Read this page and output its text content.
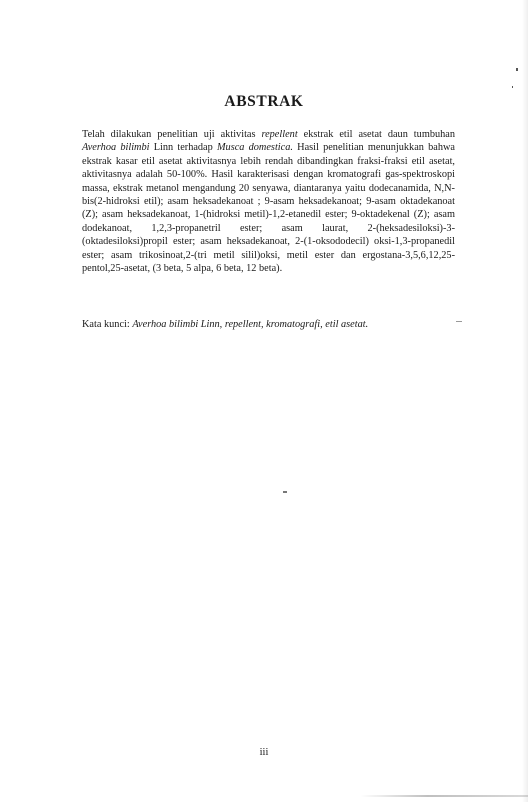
ABSTRAK

Telah dilakukan penelitian uji aktivitas repellent ekstrak etil asetat daun tumbuhan Averhoa bilimbi Linn terhadap Musca domestica. Hasil penelitian menunjukkan bahwa ekstrak kasar etil asetat aktivitasnya lebih rendah dibandingkan fraksi-fraksi etil asetat, aktivitasnya adalah 50-100%. Hasil karakterisasi dengan kromatografi gas-spektroskopi massa, ekstrak metanol mengandung 20 senyawa, diantaranya yaitu dodecanamida, N,N-bis(2-hidroksi etil); asam heksadekanoat ; 9-asam heksadekanoat; 9-asam oktadekanoat (Z); asam heksadekanoat, 1-(hidroksi metil)-1,2-etanedil ester; 9-oktadekenal (Z); asam dodekanoat, 1,2,3-propanetril ester; asam laurat, 2-(heksadesiloksi)-3-(oktadesiloksi)propil ester; asam heksadekanoat, 2-(1-oksododecil) oksi-1,3-propanedil ester; asam trikosinoat,2-(tri metil silil)oksi, metil ester dan ergostana-3,5,6,12,25-pentol,25-asetat, (3 beta, 5 alpa, 6 beta, 12 beta).

Kata kunci: Averhoa bilimbi Linn, repellent, kromatografi, etil asetat.

iii
